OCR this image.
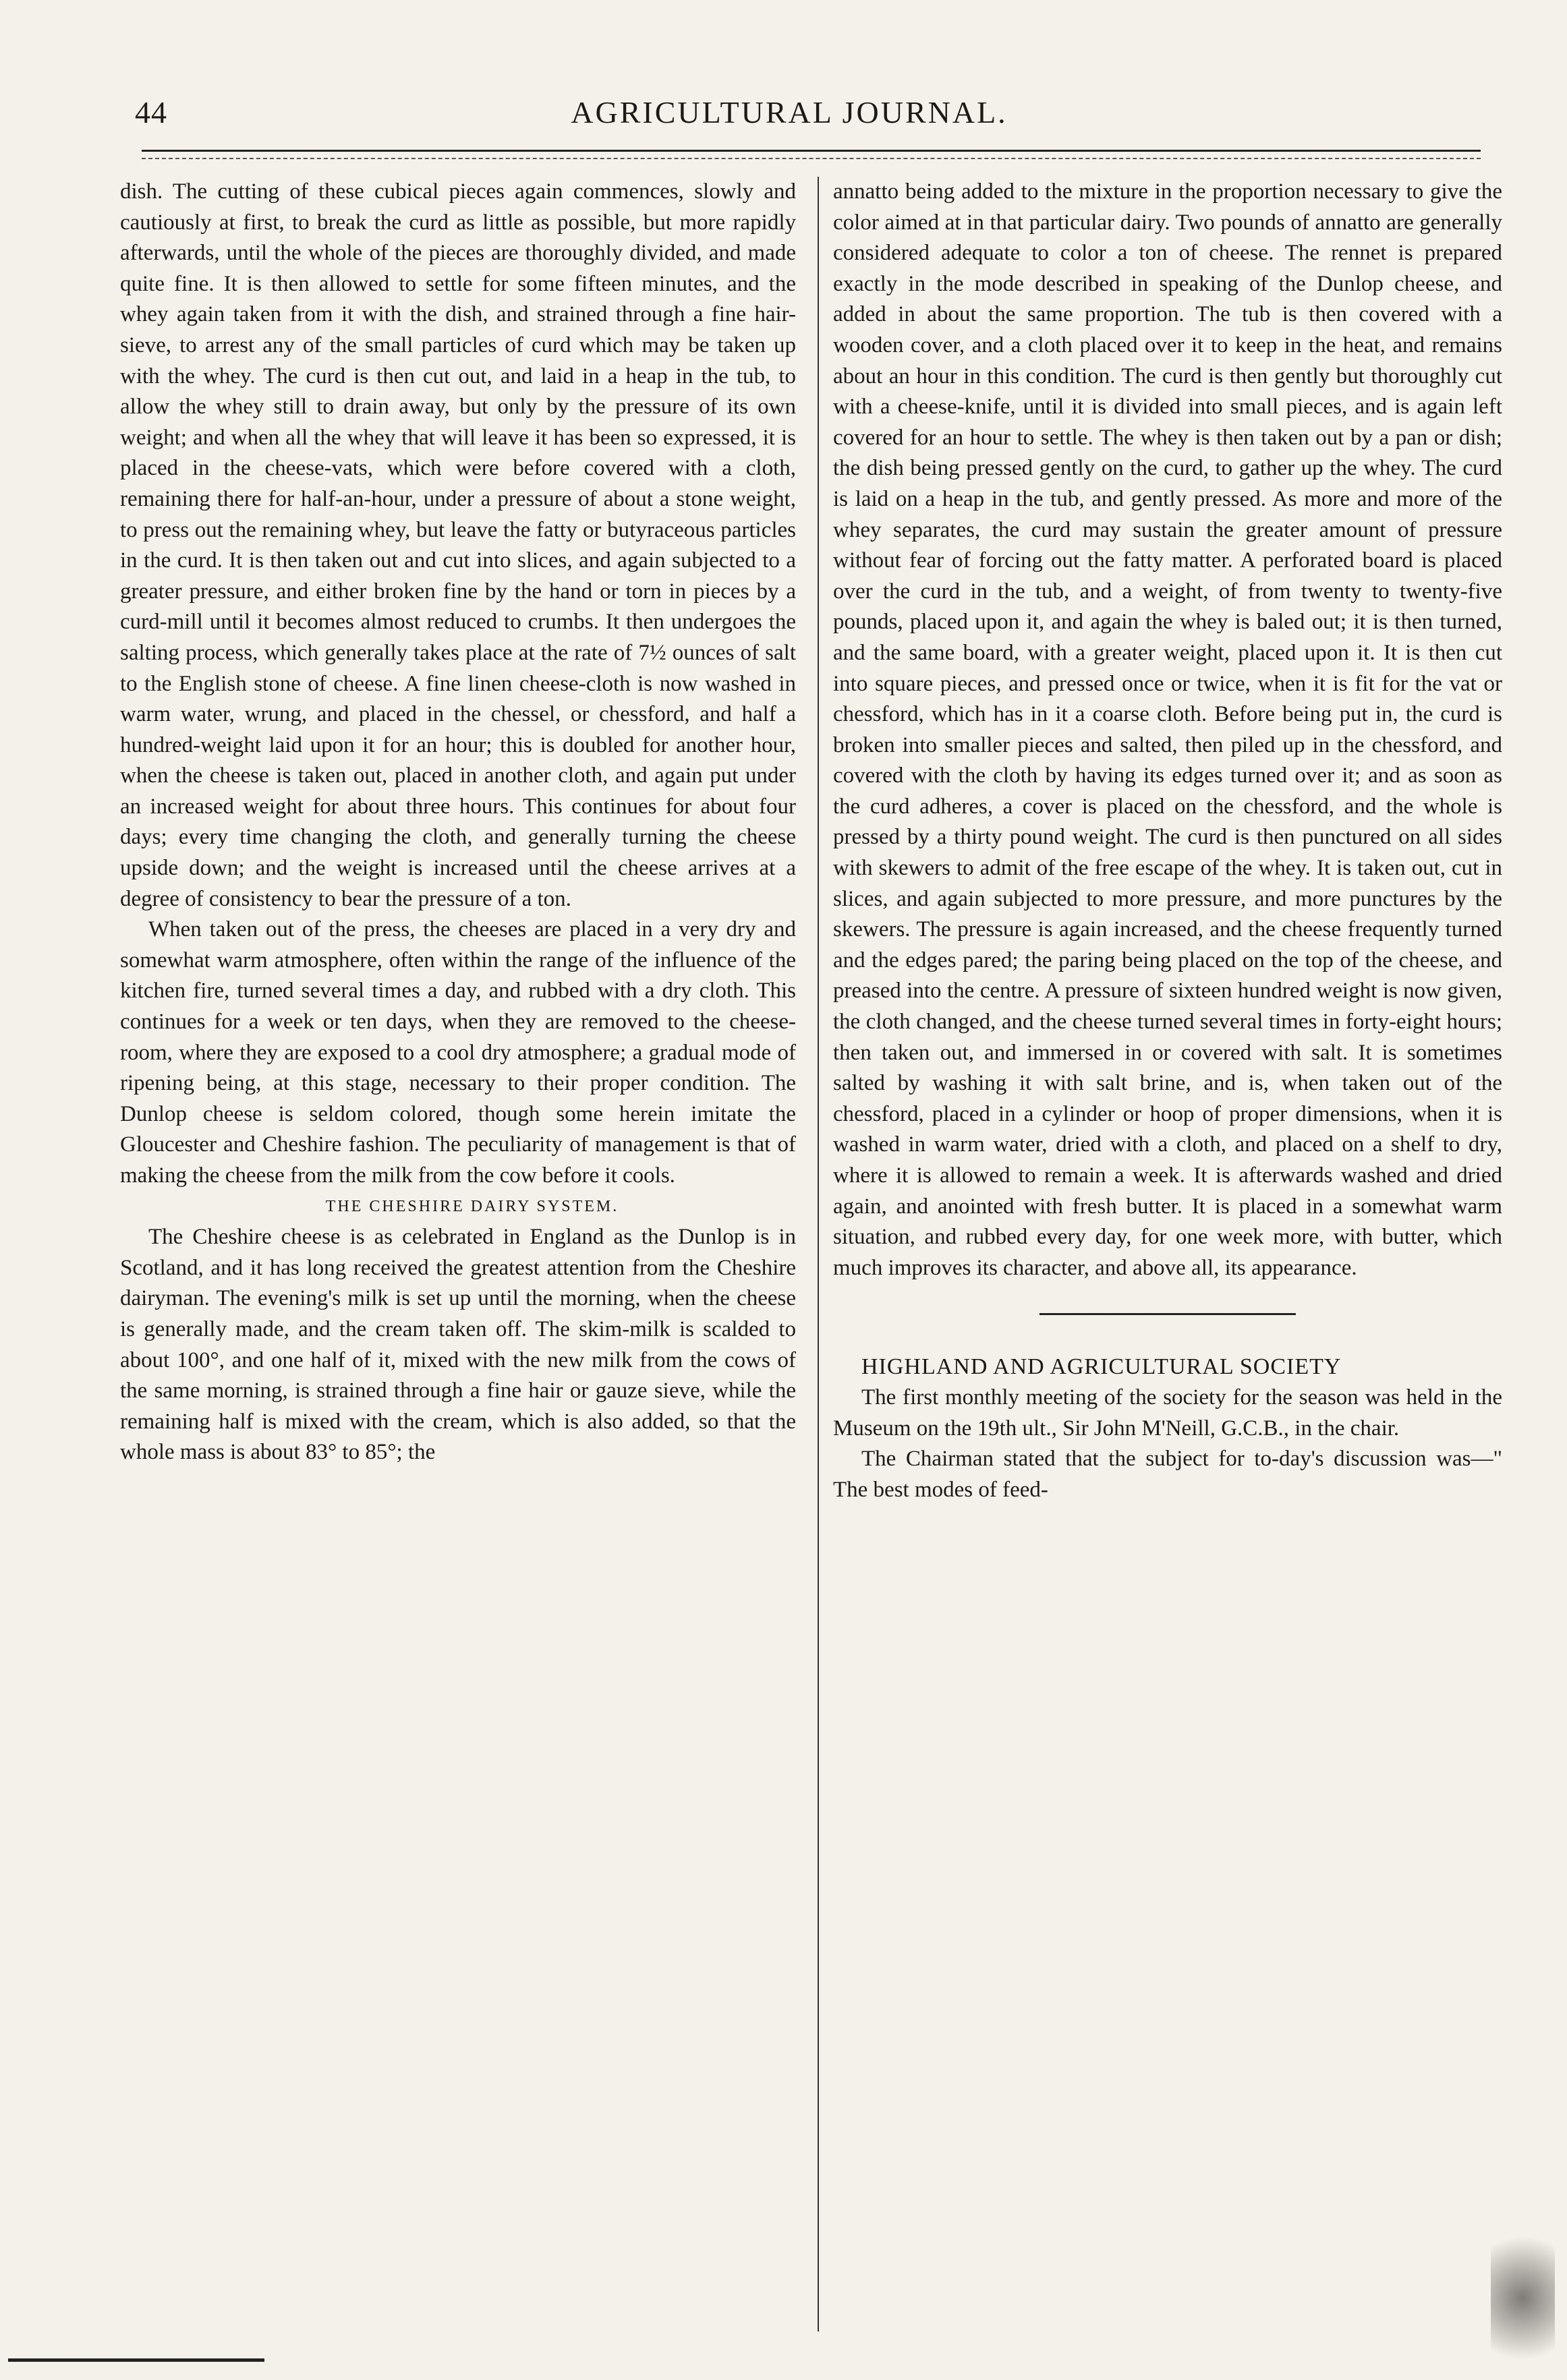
44	AGRICULTURAL JOURNAL.

dish. The cutting of these cubical pieces again commences, slowly and cautiously at first, to break the curd as little as possible, but more rapidly afterwards, until the whole of the pieces are thoroughly divided, and made quite fine. It is then allowed to settle for some fifteen minutes, and the whey again taken from it with the dish, and strained through a fine hair-sieve, to arrest any of the small particles of curd which may be taken up with the whey. The curd is then cut out, and laid in a heap in the tub, to allow the whey still to drain away, but only by the pressure of its own weight; and when all the whey that will leave it has been so expressed, it is placed in the cheese-vats, which were before covered with a cloth, remaining there for half-an-hour, under a pressure of about a stone weight, to press out the remaining whey, but leave the fatty or butyraceous particles in the curd. It is then taken out and cut into slices, and again subjected to a greater pressure, and either broken fine by the hand or torn in pieces by a curd-mill until it becomes almost reduced to crumbs. It then undergoes the salting process, which generally takes place at the rate of 7½ ounces of salt to the English stone of cheese. A fine linen cheese-cloth is now washed in warm water, wrung, and placed in the chessel, or chessford, and half a hundred-weight laid upon it for an hour; this is doubled for another hour, when the cheese is taken out, placed in another cloth, and again put under an increased weight for about three hours. This continues for about four days; every time changing the cloth, and generally turning the cheese upside down; and the weight is increased until the cheese arrives at a degree of consistency to bear the pressure of a ton.

When taken out of the press, the cheeses are placed in a very dry and somewhat warm atmosphere, often within the range of the influence of the kitchen fire, turned several times a day, and rubbed with a dry cloth. This continues for a week or ten days, when they are removed to the cheese-room, where they are exposed to a cool dry atmosphere; a gradual mode of ripening being, at this stage, necessary to their proper condition. The Dunlop cheese is seldom colored, though some herein imitate the Gloucester and Cheshire fashion. The peculiarity of management is that of making the cheese from the milk from the cow before it cools.

THE CHESHIRE DAIRY SYSTEM.

The Cheshire cheese is as celebrated in England as the Dunlop is in Scotland, and it has long received the greatest attention from the Cheshire dairyman. The evening's milk is set up until the morning, when the cheese is generally made, and the cream taken off. The skim-milk is scalded to about 100°, and one half of it, mixed with the new milk from the cows of the same morning, is strained through a fine hair or gauze sieve, while the remaining half is mixed with the cream, which is also added, so that the whole mass is about 83° to 85°; the

annatto being added to the mixture in the proportion necessary to give the color aimed at in that particular dairy. Two pounds of annatto are generally considered adequate to color a ton of cheese. The rennet is prepared exactly in the mode described in speaking of the Dunlop cheese, and added in about the same proportion. The tub is then covered with a wooden cover, and a cloth placed over it to keep in the heat, and remains about an hour in this condition. The curd is then gently but thoroughly cut with a cheese-knife, until it is divided into small pieces, and is again left covered for an hour to settle. The whey is then taken out by a pan or dish; the dish being pressed gently on the curd, to gather up the whey. The curd is laid on a heap in the tub, and gently pressed. As more and more of the whey separates, the curd may sustain the greater amount of pressure without fear of forcing out the fatty matter. A perforated board is placed over the curd in the tub, and a weight, of from twenty to twenty-five pounds, placed upon it, and again the whey is baled out; it is then turned, and the same board, with a greater weight, placed upon it. It is then cut into square pieces, and pressed once or twice, when it is fit for the vat or chessford, which has in it a coarse cloth. Before being put in, the curd is broken into smaller pieces and salted, then piled up in the chessford, and covered with the cloth by having its edges turned over it; and as soon as the curd adheres, a cover is placed on the chessford, and the whole is pressed by a thirty pound weight. The curd is then punctured on all sides with skewers to admit of the free escape of the whey. It is taken out, cut in slices, and again subjected to more pressure, and more punctures by the skewers. The pressure is again increased, and the cheese frequently turned and the edges pared; the paring being placed on the top of the cheese, and preased into the centre. A pressure of sixteen hundred weight is now given, the cloth changed, and the cheese turned several times in forty-eight hours; then taken out, and immersed in or covered with salt. It is sometimes salted by washing it with salt brine, and is, when taken out of the chessford, placed in a cylinder or hoop of proper dimensions, when it is washed in warm water, dried with a cloth, and placed on a shelf to dry, where it is allowed to remain a week. It is afterwards washed and dried again, and anointed with fresh butter. It is placed in a somewhat warm situation, and rubbed every day, for one week more, with butter, which much improves its character, and above all, its appearance.

HIGHLAND AND AGRICULTURAL SOCIETY

The first monthly meeting of the society for the season was held in the Museum on the 19th ult., Sir John M'Neill, G.C.B., in the chair.

The Chairman stated that the subject for to-day's discussion was—" The best modes of feed-
